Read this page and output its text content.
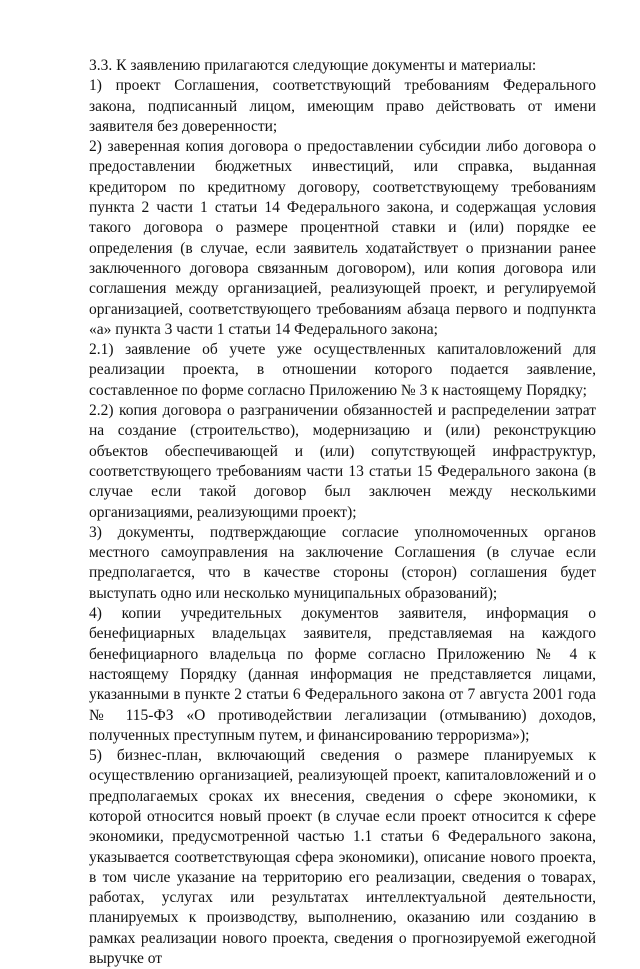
3.3. К заявлению прилагаются следующие документы и материалы:

1) проект Соглашения, соответствующий требованиям Федерального закона, подписанный лицом, имеющим право действовать от имени заявителя без доверенности;

2) заверенная копия договора о предоставлении субсидии либо договора о предоставлении бюджетных инвестиций, или справка, выданная кредитором по кредитному договору, соответствующему требованиям пункта 2 части 1 статьи 14 Федерального закона, и содержащая условия такого договора о размере процентной ставки и (или) порядке ее определения (в случае, если заявитель ходатайствует о признании ранее заключенного договора связанным договором), или копия договора или соглашения между организацией, реализующей проект, и регулируемой организацией, соответствующего требованиям абзаца первого и подпункта «а» пункта 3 части 1 статьи 14 Федерального закона;

2.1) заявление об учете уже осуществленных капиталовложений для реализации проекта, в отношении которого подается заявление, составленное по форме согласно Приложению № 3 к настоящему Порядку;

2.2) копия договора о разграничении обязанностей и распределении затрат на создание (строительство), модернизацию и (или) реконструкцию объектов обеспечивающей и (или) сопутствующей инфраструктур, соответствующего требованиям части 13 статьи 15 Федерального закона (в случае если такой договор был заключен между несколькими организациями, реализующими проект);

3) документы, подтверждающие согласие уполномоченных органов местного самоуправления на заключение Соглашения (в случае если предполагается, что в качестве стороны (сторон) соглашения будет выступать одно или несколько муниципальных образований);

4) копии учредительных документов заявителя, информация о бенефициарных владельцах заявителя, представляемая на каждого бенефициарного владельца по форме согласно Приложению № 4 к настоящему Порядку (данная информация не представляется лицами, указанными в пункте 2 статьи 6 Федерального закона от 7 августа 2001 года № 115-ФЗ «О противодействии легализации (отмыванию) доходов, полученных преступным путем, и финансированию терроризма»);

5) бизнес-план, включающий сведения о размере планируемых к осуществлению организацией, реализующей проект, капиталовложений и о предполагаемых сроках их внесения, сведения о сфере экономики, к которой относится новый проект (в случае если проект относится к сфере экономики, предусмотренной частью 1.1 статьи 6 Федерального закона, указывается соответствующая сфера экономики), описание нового проекта, в том числе указание на территорию его реализации, сведения о товарах, работах, услугах или результатах интеллектуальной деятельности, планируемых к производству, выполнению, оказанию или созданию в рамках реализации нового проекта, сведения о прогнозируемой ежегодной выручке от
